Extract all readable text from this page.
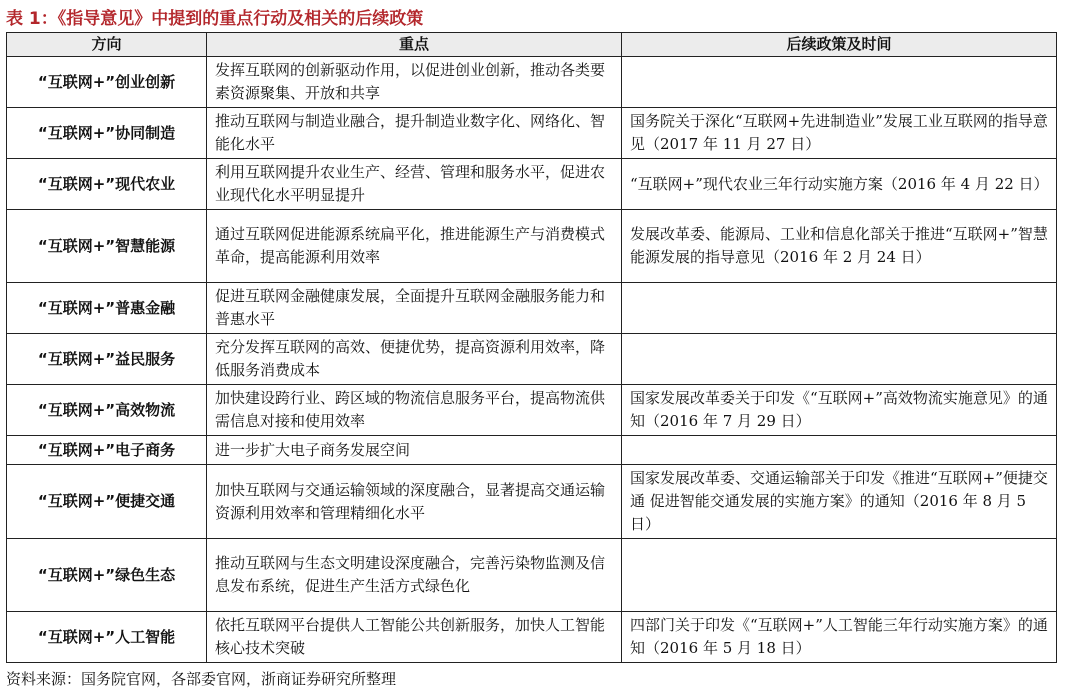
表 1：《指导意见》中提到的重点行动及相关的后续政策
方向	重点	后续政策及时间
“互联网+”创业创新	发挥互联网的创新驱动作用，以促进创业创新，推动各类要素资源聚集、开放和共享	
“互联网+”协同制造	推动互联网与制造业融合，提升制造业数字化、网络化、智能化水平	国务院关于深化“互联网+先进制造业”发展工业互联网的指导意见（2017 年 11 月 27 日）
“互联网+”现代农业	利用互联网提升农业生产、经营、管理和服务水平，促进农业现代化水平明显提升	“互联网+”现代农业三年行动实施方案（2016 年 4 月 22 日）
“互联网+”智慧能源	通过互联网促进能源系统扁平化，推进能源生产与消费模式革命，提高能源利用效率	发展改革委、能源局、工业和信息化部关于推进“互联网+”智慧能源发展的指导意见（2016 年 2 月 24 日）
“互联网+”普惠金融	促进互联网金融健康发展，全面提升互联网金融服务能力和普惠水平	
“互联网+”益民服务	充分发挥互联网的高效、便捷优势，提高资源利用效率，降低服务消费成本	
“互联网+”高效物流	加快建设跨行业、跨区域的物流信息服务平台，提高物流供需信息对接和使用效率	国家发展改革委关于印发《“互联网+”高效物流实施意见》的通知（2016 年 7 月 29 日）
“互联网+”电子商务	进一步扩大电子商务发展空间	
“互联网+”便捷交通	加快互联网与交通运输领域的深度融合，显著提高交通运输资源利用效率和管理精细化水平	国家发展改革委、交通运输部关于印发《推进“互联网+”便捷交通 促进智能交通发展的实施方案》的通知（2016 年 8 月 5 日）
“互联网+”绿色生态	推动互联网与生态文明建设深度融合，完善污染物监测及信息发布系统，促进生产生活方式绿色化	
“互联网+”人工智能	依托互联网平台提供人工智能公共创新服务，加快人工智能核心技术突破	四部门关于印发《“互联网+”人工智能三年行动实施方案》的通知（2016 年 5 月 18 日）
资料来源：国务院官网，各部委官网，浙商证券研究所整理
